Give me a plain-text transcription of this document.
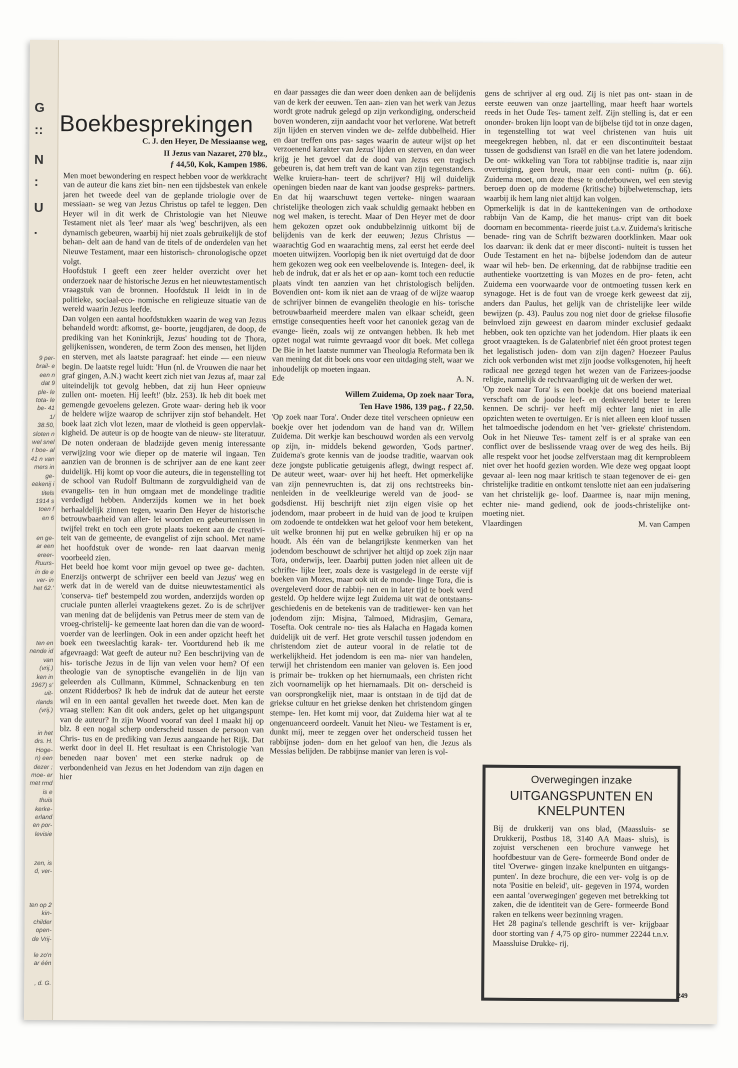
G
::
N
:
U
.
9 per- brail- e een n dat 9 ple- le tota- le be- 41 1/ 38.50, sloten n wel snel r boe- al 41 n van mers in ge- eekenij i titels 1914 s toen f en 6
en ge- ar een ereer- Ruurs- in de e ver- in het 62.'
ten en nende id van (vrij.) ken in 1967) s' uit- rlands (vrij.)
in het drs. H. Hoge- n) een dezer ; moe- er met rmd is e thuis kerke- erland en por- levisie
zen, is d, ver-
ten op 2 kin- childer open- de Vrij-
le zo'n ar één
, d. G.
Boekbesprekingen

C. J. den Heyer, De Messiaanse weg,

II Jezus van Nazaret, 270 blz.,

ƒ 44,50, Kok, Kampen 1986.

Men moet bewondering en respect hebben voor de werkkracht van de auteur die kans ziet bin- nen een tijdsbestek van enkele jaren het tweede deel van de geplande triologie over de messiaan- se weg van Jezus Christus op tafel te leggen. Den Heyer wil in dit werk de Christologie van het Nieuwe Testament niet als 'leer' maar als 'weg' beschrijven, als een dynamisch gebeuren, waarbij hij niet zoals gebruikelijk de stof behan- delt aan de hand van de titels of de onderdelen van het Nieuwe Testament, maar een historisch- chronologische opzet volgt.

Hoofdstuk I geeft een zeer helder overzicht over het onderzoek naar de historische Jezus en het nieuwtestamentisch vraagstuk van de bronnen. Hoofdstuk II leidt in in de politieke, sociaal-eco- nomische en religieuze situatie van de wereld waarin Jezus leefde.

Dan volgen een aantal hoofdstukken waarin de weg van Jezus behandeld wordt: afkomst, ge- boorte, jeugdjaren, de doop, de prediking van het Koninkrijk, Jezus' houding tot de Thora, gelijkenissen, wonderen, de term Zoon des mensen, het lijden en sterven, met als laatste paragraaf: het einde — een nieuw begin. De laatste regel luidt: 'Hun (nl. de Vrouwen die naar het graf gingen, A.N.) wacht keert zich niet van Jezus af, maar zal uiteindelijk tot gevolg hebben, dat zij hun Heer opnieuw zullen ont- moeten. Hij leeft!' (blz. 253). Ik heb dit boek met gemengde gevoelens gelezen. Grote waar- dering heb ik voor de heldere wijze waarop de schrijver zijn stof behandelt. Het boek laat zich vlot lezen, maar de vlotheid is geen oppervlak- kigheid. De auteur is op de hoogte van de nieuw- ste literatuur. De noten onderaan de bladzijde geven menig interessante verwijzing voor wie dieper op de materie wil ingaan. Ten aanzien van de bronnen is de schrijver aan de ene kant zeer duidelijk. Hij komt op voor die auteurs, die in tegenstelling tot de school van Rudolf Bultmann de zorgvuldigheid van de evangelis- ten in hun omgaan met de mondelinge traditie verdedigd hebben. Anderzijds komen we in het boek herhaaldelijk zinnen tegen, waarin Den Heyer de historische betrouwbaarheid van aller- lei woorden en gebeurtenissen in twijfel trekt en toch een grote plaats toekent aan de creativi- teit van de gemeente, de evangelist of zijn school. Met name het hoofdstuk over de wonde- ren laat daarvan menig voorbeeld zien.

Het beeld hoe komt voor mijn gevoel op twee ge- dachten. Enerzijs ontwerpt de schrijver een beeld van Jezus' weg en werk dat in de wereld van de duitse nieuwtestamentici als 'conserva- tief' bestempeld zou worden, anderzijds worden op cruciale punten allerlei vraagtekens gezet. Zo is de schrijver van mening dat de belijdenis van Petrus meer de stem van de vroeg-christelij- ke gemeente laat horen dan die van de woord- voerder van de leerlingen. Ook in een ander opzicht heeft het boek een tweeslachtig karak- ter. Voortdurend heb ik me afgevraagd: Wat geeft de auteur nu? Een beschrijving van de his- torische Jezus in de lijn van velen voor hem? Of een theologie van de synoptische evangeliën in de lijn van geleerden als Cullmann, Kümmel, Schnackenburg en ten onzent Ridderbos? Ik heb de indruk dat de auteur het eerste wil en in een aantal gevallen het tweede doet. Men kan de vraag stellen: Kan dit ook anders, gelet op het uitgangspunt van de auteur? In zijn Woord vooraf van deel I maakt hij op blz. 8 een nogal scherp onderscheid tussen de persoon van Chris- tus en de prediking van Jezus aangaande het Rijk. Dat werkt door in deel II. Het resultaat is een Christologie 'van beneden naar boven' met een sterke nadruk op de verbondenheid van Jezus en het Jodendom van zijn dagen en hier

en daar passages die dan weer doen denken aan de belijdenis van de kerk der eeuwen. Ten aan- zien van het werk van Jezus wordt grote nadruk gelegd op zijn verkondiging, onderscheid boven wonderen, zijn aandacht voor het verlorene. Wat betreft zijn lijden en sterven vinden we de- zelfde dubbelheid. Hier en daar treffen ons pas- sages waarin de auteur wijst op het verzoenend karakter van Jezus' lijden en sterven, en dan weer krijg je het gevoel dat de dood van Jezus een tragisch gebeuren is, dat hem treft van de kant van zijn tegenstanders. Welke kruiera-han- teert de schrijver? Hij wil duidelijk openingen bieden naar de kant van joodse gespreks- partners. En dat hij waarschuwt tegen verteke- ningen waaraan christelijke theologen zich vaak schuldig gemaakt hebben en nog wel maken, is terecht. Maar of Den Heyer met de door hem gekozen opzet ook ondubbelzinnig uitkomt bij de belijdenis van de kerk der eeuwen; Jezus Christus — waarachtig God en waarachtig mens, zal eerst het eerde deel moeten uitwijzen. Voorlopig ben ik niet overtuigd dat de door hem gekozen weg ook een veelbelovende is. Integen- deel, ik heb de indruk, dat er als het er op aan- komt toch een reductie plaats vindt ten aanzien van het christologisch belijden. Bovendien ont- kom ik niet aan de vraag of de wijze waarop de schrijver binnen de evangeliën theologie en his- torische betrouwbaarheid meerdere malen van elkaar scheidt, geen ernstige consequenties heeft voor het canoniek gezag van de evange- lieën, zoals wij ze ontvangen hebben. Ik heb met opzet nogal wat ruimte gevraagd voor dit boek. Met collega De Bie in het laatste nummer van Theologia Reformata ben ik van mening dat dit boek ons voor een uitdaging stelt, waar we inhoudelijk op moeten ingaan.

Ede	A. N.

Willem Zuidema, Op zoek naar Tora,

Ten Have 1986, 139 pag., ƒ 22,50.

'Op zoek naar Tora'. Onder deze titel verscheen opnieuw een boekje over het jodendom van de hand van dr. Willem Zuidema. Dit werkje kan beschouwd worden als een vervolg op zijn, in- middels bekend geworden, 'Gods partner'. Zuidema's grote kennis van de joodse traditie, waarvan ook deze jongste publicatie getuigenis aflegt, dwingt respect af. De auteur weet, waar- over hij het heeft. Het opmerkelijke van zijn pennevruchten is, dat zij ons rechtstreeks bin- nenleiden in de veelkleurige wereld van de jood- se godsdienst. Hij beschrijft niet zijn eigen visie op het jodendom, maar probeert in de huid van de jood te kruipen om zodoende te ontdekken wat het geloof voor hem betekent, uit welke bronnen hij put en welke gebruiken hij er op na houdt. Als één van de belangrijkste kenmerken van het jodendom beschouwt de schrijver het altijd op zoek zijn naar Tora, onderwijs, leer. Daarbij putten joden niet alleen uit de schrifte- lijke leer, zoals deze is vastgelegd in de eerste vijf boeken van Mozes, maar ook uit de monde- linge Tora, die is overgeleverd door de rabbij- nen en in later tijd te boek werd gesteld. Op heldere wijze legt Zuidema uit wat de ontstaans- geschiedenis en de betekenis van de traditiewer- ken van het jodendom zijn: Misjna, Talmoed, Midrasjim, Gemara, Tosefta. Ook centrale no- ties als Halacha en Hagada komen duidelijk uit de verf. Het grote verschil tussen jodendom en christendom ziet de auteur vooral in de relatie tot de werkelijkheid. Het jodendom is een ma- nier van handelen, terwijl het christendom een manier van geloven is. Een jood is primair be- trokken op het hiernumaals, een christen richt zich voornamelijk op het hiernamaals. Dit on- derscheid is van oorsprongkelijk niet, maar is ontstaan in de tijd dat de griekse cultuur en het griekse denken het christendom gingen stempe- len. Het komt mij voor, dat Zuidema hier wat al te ongenuanceerd oordeelt. Vanuit het Nieu- we Testament is er, dunkt mij, meer te zeggen over het onderscheid tussen het rabbijnse joden- dom en het geloof van hen, die Jezus als Messias belijden. De rabbijnse manier van leren is vol-

gens de schrijver al erg oud. Zij is niet pas ont- staan in de eerste eeuwen van onze jaartelling, maar heeft haar wortels reeds in het Oude Tes- tament zelf. Zijn stelling is, dat er een ononder- broken lijn loopt van de bijbelse tijd tot in onze dagen, in tegenstelling tot wat veel christenen van huis uit meegekregen hebben, nl. dat er een discontinuïteit bestaat tussen de godsdienst van Israël en die van het latere jodendom. De ont- wikkeling van Tora tot rabbijnse traditie is, naar zijn overtuiging, geen breuk, maar een conti- nuïtm (p. 66). Zuidema moet, om deze these te onderbouwen, wel een stevig beroep doen op de moderne (kritische) bijbelwetenschap, iets waarbij ik hem lang niet altijd kan volgen.

Opmerkelijk is dat in de kanttekeningen van de orthodoxe rabbijn Van de Kamp, die het manus- cript van dit boek doornam en becommenta- rieerde juist t.a.v. Zuidema's kritische benade- ring van de Schrift bezwaren doorklinken. Maar ook los daarvan: ik denk dat er meer disconti- nuïteit is tussen het Oude Testament en het na- bijbelse jodendom dan de auteur waar wil heb- ben. De erkenning, dat de rabbijnse traditie een authentieke voortzetting is van Mozes en de pro- feten, acht Zuidema een voorwaarde voor de ontmoeting tussen kerk en synagoge. Het is de fout van de vroege kerk geweest dat zij, anders dan Paulus, het gelijk van de christelijke leer wilde bewijzen (p. 43). Paulus zou nog niet door de griekse filosofie beïnvloed zijn geweest en daarom minder exclusief gedaakt hebben, ook ten opzichte van het jodendom. Hier plaats ik een groot vraagteken. Is de Galatenbrief niet één groot protest tegen het legalistisch joden- dom van zijn dagen? Hoezeer Paulus zich ook verbonden wist met zijn joodse volksgenoten, hij heeft radicaal nee gezegd tegen het wezen van de Farizees-joodse religie, namelijk de rechtvaardiging uit de werken der wet.

'Op zoek naar Tora' is een boekje dat ons boeiend materiaal verschaft om de joodse leef- en denkwereld beter te leren kennen. De schrij- ver heeft mij echter lang niet in alle opzichten weten te overtuigen. Er is niet alleen een kloof tussen het talmoedische jodendom en het 'ver- griekste' christendom. Ook in het Nieuwe Tes- tament zelf is er al sprake van een conflict over de beslissende vraag over de weg des heils. Bij alle respekt voor het joodse zelfverstaan mag dit kernprobleem niet over het hoofd gezien worden. Wie deze weg opgaat loopt gevaar al- leen nog maar kritisch te staan tegenover de ei- gen christelijke traditie en ontkomt tenslotte niet aan een judaïsering van het christelijk ge- loof. Daarmee is, naar mijn mening, echter nie- mand gediend, ook de joods-christelijke ont- moeting niet.

Vlaardingen	M. van Campen

Overwegingen inzake
UITGANGSPUNTEN EN
KNELPUNTEN

Bij de drukkerij van ons blad, (Maassluis- se Drukkerij, Postbus 18, 3140 AA Maas- sluis), is zojuist verschenen een brochure vanwege het hoofdbestuur van de Gere- formeerde Bond onder de titel 'Overwe- gingen inzake knelpunten en uitgangs- punten'. In deze brochure, die een ver- volg is op de nota 'Positie en beleid', uit- gegeven in 1974, worden een aantal 'overwegingen' gegeven met betrekking tot zaken, die de identiteit van de Gere- formeerde Bond raken en telkens weer bezinning vragen.

Het 28 pagina's tellende geschrift is ver- krijgbaar door storting van ƒ 4,75 op giro- nummer 22244 t.n.v. Maassluise Drukke- rij.

249
